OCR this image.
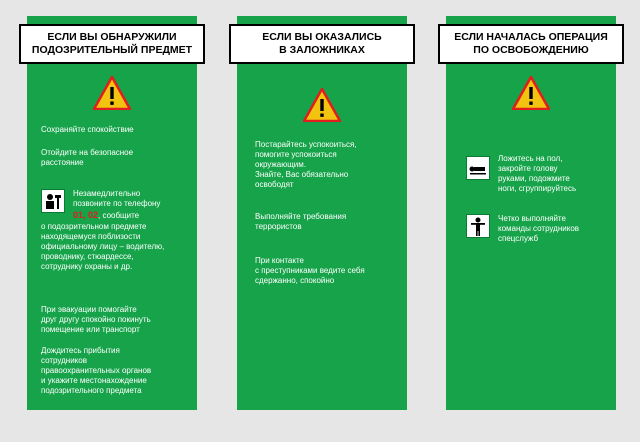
ЕСЛИ ВЫ ОБНАРУЖИЛИ
ПОДОЗРИТЕЛЬНЫЙ ПРЕДМЕТ
Сохраняйте спокойствие
Отойдите на безопасное
расстояние
Незамедлительно
позвоните по телефону
01, 02, сообщите
о подозрительном предмете
находящемуся поблизости
официальному лицу – водителю,
проводнику, стюардессе,
сотруднику охраны и др.
При эвакуации помогайте
друг другу спокойно покинуть
помещение или транспорт
Дождитесь прибытия
сотрудников
правоохранительных органов
и укажите местонахождение
подозрительного предмета
ЕСЛИ ВЫ ОКАЗАЛИСЬ
В ЗАЛОЖНИКАХ
Постарайтесь успокоиться,
помогите успокоиться
окружающим.
Знайте, Вас обязательно
освободят
Выполняйте требования
террористов
При контакте
с преступниками ведите себя
сдержанно, спокойно
ЕСЛИ НАЧАЛАСЬ ОПЕРАЦИЯ
ПО ОСВОБОЖДЕНИЮ
Ложитесь на пол,
закройте голову
руками, подожмите
ноги, сгруппируйтесь
Четко выполняйте
команды сотрудников
спецслужб
